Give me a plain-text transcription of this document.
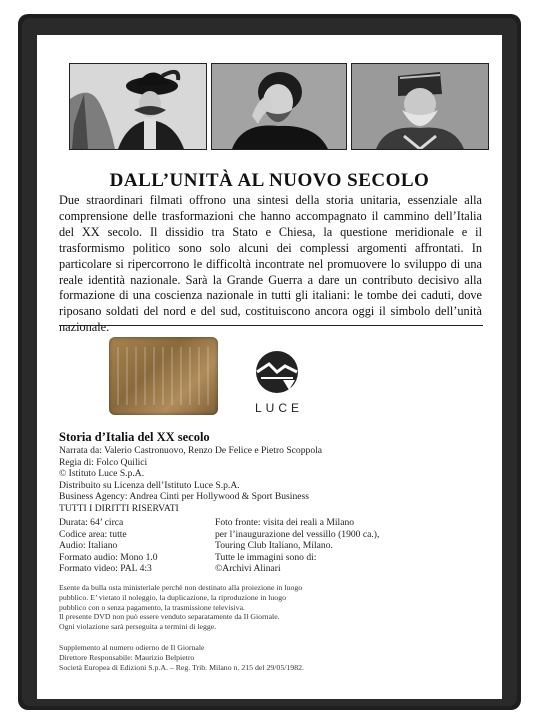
DALL’UNITÀ AL NUOVO SECOLO

Due straordinari filmati offrono una sintesi della storia unitaria, essenziale alla comprensione delle trasformazioni che hanno accompagnato il cammino dell’Italia del XX secolo. Il dissidio tra Stato e Chiesa, la questione meridionale e il trasformismo politico sono solo alcuni dei complessi argomenti affrontati. In particolare si ripercorrono le difficoltà incontrate nel promuovere lo sviluppo di una reale identità nazionale. Sarà la Grande Guerra a dare un contributo decisivo alla formazione di una coscienza nazionale in tutti gli italiani: le tombe dei caduti, dove riposano soldati del nord e del sud, costituiscono ancora oggi il simbolo dell’unità nazionale.

LUCE
Storia d’Italia del XX secolo
Narrata da: Valerio Castronuovo, Renzo De Felice e Pietro Scoppola
Regia di: Folco Quilici
© Istituto Luce S.p.A.
Distribuito su Licenza dell’Istituto Luce S.p.A.
Business Agency: Andrea Cinti per Hollywood & Sport Business
TUTTI I DIRITTI RISERVATI
Durata: 64’ circa
Codice area: tutte
Audio: Italiano
Formato audio: Mono 1.0
Formato video: PAL 4:3
Foto fronte: visita dei reali a Milano
per l’inaugurazione del vessillo (1900 ca.),
Touring Club Italiano, Milano.
Tutte le immagini sono di:
©Archivi Alinari
Esente da bulla osta ministeriale perchè non destinato alla proiezione in luogo
pubblico. E’ vietato il noleggio, la duplicazione, la riproduzione in luogo
pubblico con o senza pagamento, la trasmissione televisiva.
Il presente DVD non può essere venduto separatamente da Il Giornale.
Ogni violazione sarà perseguita a termini di legge.
Supplemento al numero odierno de Il Giornale
Direttore Responsabile: Maurizio Belpietro
Società Europea di Edizioni S.p.A. – Reg. Trib. Milano n. 215 del 29/05/1982.
